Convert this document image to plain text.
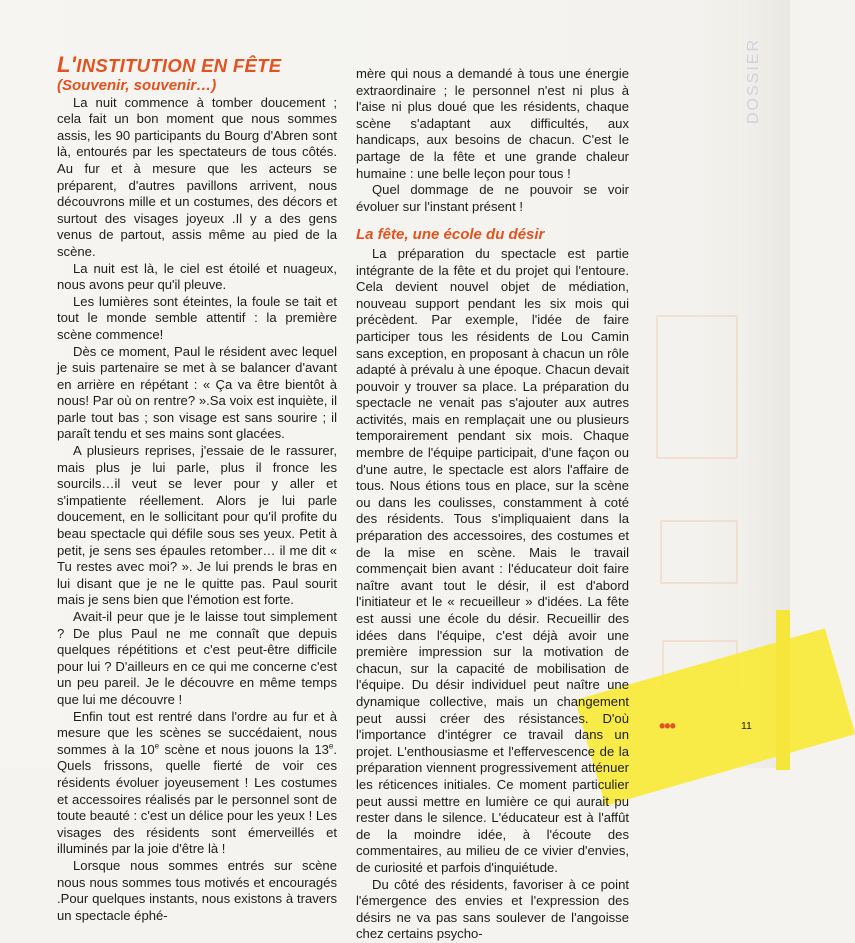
DOSSIER
L'INSTITUTION EN FÊTE
(Souvenir, souvenir…)

La nuit commence à tomber doucement ; cela fait un bon moment que nous sommes assis, les 90 participants du Bourg d'Abren sont là, entourés par les spectateurs de tous côtés. Au fur et à mesure que les acteurs se préparent, d'autres pavillons arrivent, nous découvrons mille et un costumes, des décors et surtout des visages joyeux .Il y a des gens venus de partout, assis même au pied de la scène.

La nuit est là, le ciel est étoilé et nuageux, nous avons peur qu'il pleuve.

Les lumières sont éteintes, la foule se tait et tout le monde semble attentif : la première scène commence!

Dès ce moment, Paul le résident avec lequel je suis partenaire se met à se balancer d'avant en arrière en répétant : « Ça va être bientôt à nous! Par où on rentre? ».Sa voix est inquiète, il parle tout bas ; son visage est sans sourire ; il paraît tendu et ses mains sont glacées.

A plusieurs reprises, j'essaie de le rassurer, mais plus je lui parle, plus il fronce les sourcils…il veut se lever pour y aller et s'impatiente réellement. Alors je lui parle doucement, en le sollicitant pour qu'il profite du beau spectacle qui défile sous ses yeux. Petit à petit, je sens ses épaules retomber… il me dit « Tu restes avec moi? ». Je lui prends le bras en lui disant que je ne le quitte pas. Paul sourit mais je sens bien que l'émotion est forte.

Avait-il peur que je le laisse tout simplement ? De plus Paul ne me connaît que depuis quelques répétitions et c'est peut-être difficile pour lui ? D'ailleurs en ce qui me concerne c'est un peu pareil. Je le découvre en même temps que lui me découvre !

Enfin tout est rentré dans l'ordre au fur et à mesure que les scènes se succédaient, nous sommes à la 10e scène et nous jouons la 13e. Quels frissons, quelle fierté de voir ces résidents évoluer joyeusement ! Les costumes et accessoires réalisés par le personnel sont de toute beauté : c'est un délice pour les yeux ! Les visages des résidents sont émerveillés et illuminés par la joie d'être là !

Lorsque nous sommes entrés sur scène nous nous sommes tous motivés et encouragés .Pour quelques instants, nous existons à travers un spectacle éphé-

mère qui nous a demandé à tous une énergie extraordinaire ; le personnel n'est ni plus à l'aise ni plus doué que les résidents, chaque scène s'adaptant aux difficultés, aux handicaps, aux besoins de chacun. C'est le partage de la fête et une grande chaleur humaine : une belle leçon pour tous !

Quel dommage de ne pouvoir se voir évoluer sur l'instant présent !

La fête, une école du désir

La préparation du spectacle est partie intégrante de la fête et du projet qui l'entoure. Cela devient nouvel objet de médiation, nouveau support pendant les six mois qui précèdent. Par exemple, l'idée de faire participer tous les résidents de Lou Camin sans exception, en proposant à chacun un rôle adapté à prévalu à une époque. Chacun devait pouvoir y trouver sa place. La préparation du spectacle ne venait pas s'ajouter aux autres activités, mais en remplaçait une ou plusieurs temporairement pendant six mois. Chaque membre de l'équipe participait, d'une façon ou d'une autre, le spectacle est alors l'affaire de tous. Nous étions tous en place, sur la scène ou dans les coulisses, constamment à coté des résidents. Tous s'impliquaient dans la préparation des accessoires, des costumes et de la mise en scène. Mais le travail commençait bien avant : l'éducateur doit faire naître avant tout le désir, il est d'abord l'initiateur et le « recueilleur » d'idées. La fête est aussi une école du désir. Recueillir des idées dans l'équipe, c'est déjà avoir une première impression sur la motivation de chacun, sur la capacité de mobilisation de l'équipe. Du désir individuel peut naître une dynamique collective, mais un changement peut aussi créer des résistances. D'où l'importance d'intégrer ce travail dans un projet. L'enthousiasme et l'effervescence de la préparation viennent progressivement atténuer les réticences initiales. Ce moment particulier peut aussi mettre en lumière ce qui aurait pu rester dans le silence. L'éducateur est à l'affût de la moindre idée, à l'écoute des commentaires, au milieu de ce vivier d'envies, de curiosité et parfois d'inquiétude.

Du côté des résidents, favoriser à ce point l'émergence des envies et l'expression des désirs ne va pas sans soulever de l'angoisse chez certains psycho-

•••	11
